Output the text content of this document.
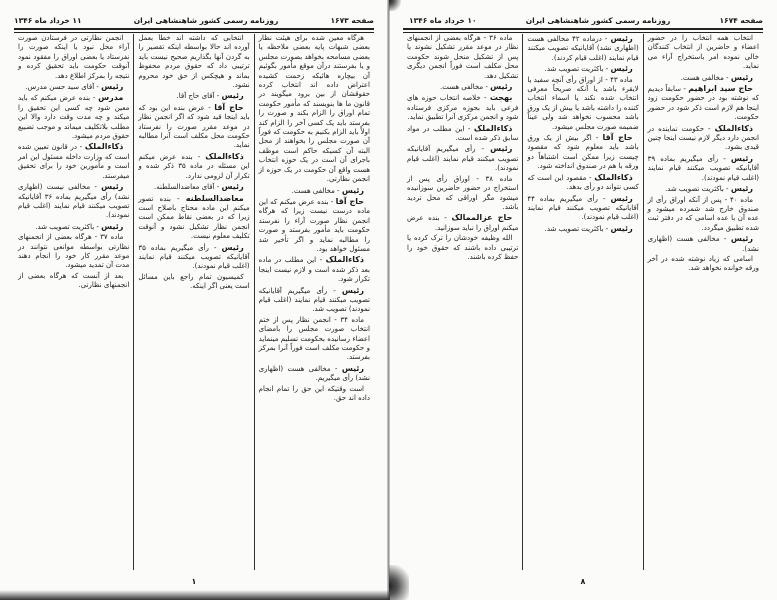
۱۱ خرداد ماه ۱۳۴۶	روزنامه رسمی کشور شاهنشاهی ایران	صفحه ۱۶۷۳

هرگاه معین شده برای هیئت نظار بعضی شبهات پایه بعضی ملاحظه یا بعضی مسامحه بخواهد بصورت مجلس و یا بفرستند درآن موقع مأمور بگوئیم آن بیچاره هائیکه زحمت کشیده اعتراض داده اند انتخاب کرده حقوقشان از بین برود میگویند در قانون ما ها بنویسند که مأمور حکومت تمام اوراق را الزام بکند و صورت را بفرستد باید یک کسی آخر را الزام کند اولاً باید الزام بکنیم به حکومت که فوراً آن صورت مجلس را بخواهند از محل البته آن کسیکه حاکم است موظف باجرای آن است در یک حوزه انتخاب هست واقع آن حکومت در یک حوزه از انجمن نظارتی.

رئیس - مخالفی هست.

حاج آقا - بنده عرض میکنم که این ماده درست نیست زیرا که هرگاه انجمن نظار صورت آراء را نفرستد حکومت باید مأمور بفرستد و صورت را مطالبه نماید و اگر تأخیر شد مسئول خواهد بود.

ذکاءالملک - این مطلب در ماده بعد ذکر شده است و لازم نیست اینجا تکرار شود.

رئیس - رأی میگیریم آقایانیکه تصویب میکنند قیام نمایند (اغلب قیام نمودند) تصویب شد.

ماده ۳۴ - انجمن نظار پس از ختم انتخاب صورت مجلس را بامضای اعضاء رسانیده بحکومت تسلیم مینماید و حکومت مکلف است فوراً آنرا بمرکز بفرستد.

رئیس - مخالفی هست (اظهاری نشد) رأی میگیریم.

است وقتیکه این حق را تمام انجام داده اند حق.

انتخابی که داشته اند خطاً بعمل آورده اند حالا بواسطه اینکه تقصیر را به گردن آنها بگذاریم صحیح نیست باید ترتیبی داد که حقوق مردم محفوظ بماند و هیچکس از حق خود محروم نشود.

رئیس - آقای حاج آقا.

حاج آقا - عرض بنده این بود که باید اینجا قید شود که اگر انجمن نظار در موعد مقرر صورت را نفرستاد حکومت محل مکلف است آنرا مطالبه نماید.

ذکاءالملک - بنده عرض میکنم این مسئله در ماده ۳۵ ذکر شده و تکرار آن لزومی ندارد.

رئیس - آقای معاضدالسلطنه.

معاضدالسلطنه - بنده تصور میکنم این ماده محتاج باصلاح است زیرا که در بعضی نقاط ممکن است انجمن نظار تشکیل نشود و آنوقت تکلیف معلوم نیست.

رئیس - رأی میگیریم بماده ۳۵ آقایانیکه تصویب میکنند قیام نمایند (اغلب قیام نمودند).

کمیسیون تمام راجع باین مسائل است یعنی اگر اینکه.

انجمن نظارتی در فرستادن صورت آراء محل نبود یا اینکه صورت را نفرستاد یا بعضی اوراق را مفقود نمود آنوقت حکومت باید تحقیق کرده و نتیجه را بمرکز اطلاع دهد.

رئیس - آقای سید حسن مدرس.

مدرس - بنده عرض میکنم که باید معین شود چه کسی این تحقیق را میکند و چه مدت وقت دارد والا این مطلب بلاتکلیف میماند و موجب تضییع حقوق مردم میشود.

ذکاءالملک - در قانون تعیین شده است که وزارت داخله مسئول این امر است و مأمورین خود را برای تحقیق میفرستد.

رئیس - مخالفی نیست (اظهاری نشد) رأی میگیریم بماده ۳۶ آقایانیکه تصویب میکنند قیام نمایند (اغلب قیام نمودند).

رئیس - باکثریت تصویب شد.

ماده ۳۷ - هرگاه بعضی از انجمنهای نظارتی بواسطه موانعی نتوانند در موعد مقرر کار خود را انجام دهند مدت آن تمدید میشود.

بعد از آنست که هرگاه بعضی از انجمنهای نظارتی.

۱
۱۰ خرداد ماه ۱۳۴۶	روزنامه رسمی کشور شاهنشاهی ایران	صفحه ۱۶۷۴

انتخاب همه انتخاب را در حضور اعضاء و حاضرین از انتخاب کنندگان خالی نموده امر باستخراج آراء می نماید.

رئیس - مخالفی هست.

حاج سید ابراهیم - سابقاً دیدیم که نوشته بود در حضور حکومت زود اینجا هم لازم است ذکر شود در حضور حکومت.

ذکاءالملک - حکومت نماینده در انجمن دارد دیگر لازم نیست اینجا چنین قیدی بشود.

رئیس - رأی میگیریم بماده ۳۹ آقایانیکه تصویب میکنند قیام نمایند (اغلب قیام نمودند).

رئیس - باکثریت تصویب شد.

ماده ۴۰ - پس از آنکه اوراق رأی از صندوق خارج شد شمرده میشود و عده آن با عده اسامی که در دفتر ثبت شده تطبیق میگردد.

رئیس - مخالفی هست (اظهاری نشد).

اسامی که زیاد نوشته شده در آخر ورقه خوانده نخواهد شد.

رئیس - درماده ۴۲ مخالفی هست (اظهاری نشد) آقایانیکه تصویب میکنند قیام نمایند (اغلب قیام کردند).

رئیس - باکثریت تصویب شد.

ماده ۴۳ - از اوراق رأی آنچه سفید یا لایقرء باشد یا آنکه صریحاً معرفی انتخاب شده نکند یا اسماء انتخاب کننده را داشته باشد یا بیش از یک ورق باشد محسوب نخواهد شد ولی عیناً ضمیمه صورت مجلس میشود.

حاج آقا - اگر بیش از یک ورق باشد باید معلوم شود که مقصود چیست زیرا ممکن است اشتباهاً دو ورقه با هم در صندوق انداخته شود.

ذکاءالملک - مقصود این است که کسی نتواند دو رأی بدهد.

رئیس - رأی میگیریم بماده ۴۴ آقایانیکه تصویب میکنند قیام نمایند (اغلب قیام نمودند).

رئیس - باکثریت تصویب شد.

ماده ۳۶ - هرگاه بعضی از انجمنهای نظار در موعد مقرر تشکیل نشوند یا پس از تشکیل منحل شوند حکومت محل مکلف است فوراً انجمن دیگری تشکیل دهد.

رئیس - مخالفی هست.

بهجت - خلاصه انتخاب حوزه های فرعی باید بحوزه مرکزی فرستاده شود و انجمن مرکزی آنرا تطبیق نماید.

ذکاءالملک - این مطلب در مواد سابق ذکر شده است.

رئیس - رأی میگیریم آقایانیکه تصویب میکنند قیام نمایند (اغلب قیام نمودند).

ماده ۳۸ - اوراق رأی پس از استخراج در حضور حاضرین سوزانیده میشود مگر اوراقی که محل تردید باشد.

حاج عزالممالک - بنده عرض میکنم اوراق را نباید سوزانید.

الله وظیفه خودشان را ترک کرده یا ترتیبی داده باشند که حقوق خود را حفظ کرده باشند.

۸
